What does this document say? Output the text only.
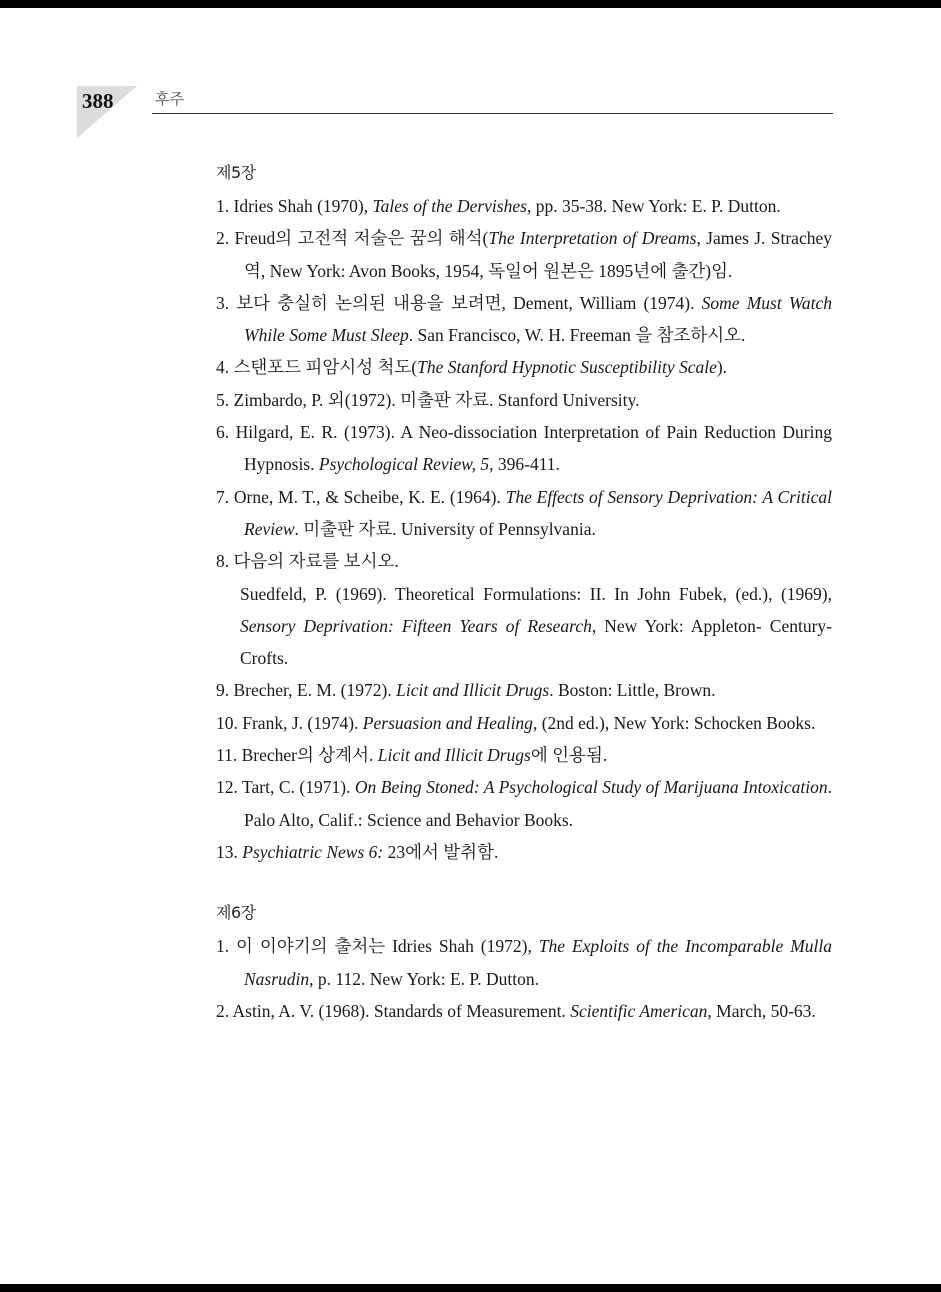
388	후주
제5장
1. Idries Shah (1970), Tales of the Dervishes, pp. 35-38. New York: E. P. Dutton.
2. Freud의 고전적 저술은 꿈의 해석(The Interpretation of Dreams, James J. Strachey 역, New York: Avon Books, 1954, 독일어 원본은 1895년에 출간)임.
3. 보다 충실히 논의된 내용을 보려면, Dement, William (1974). Some Must Watch While Some Must Sleep. San Francisco, W. H. Freeman 을 참조하시오.
4. 스탠포드 피암시성 척도(The Stanford Hypnotic Susceptibility Scale).
5. Zimbardo, P. 외(1972). 미출판 자료. Stanford University.
6. Hilgard, E. R. (1973). A Neo-dissociation Interpretation of Pain Reduction During Hypnosis. Psychological Review, 5, 396-411.
7. Orne, M. T., & Scheibe, K. E. (1964). The Effects of Sensory Deprivation: A Critical Review. 미출판 자료. University of Pennsylvania.
8. 다음의 자료를 보시오.
Suedfeld, P. (1969). Theoretical Formulations: II. In John Fubek, (ed.), (1969), Sensory Deprivation: Fifteen Years of Research, New York: Appleton- Century-Crofts.
9. Brecher, E. M. (1972). Licit and Illicit Drugs. Boston: Little, Brown.
10. Frank, J. (1974). Persuasion and Healing, (2nd ed.), New York: Schocken Books.
11. Brecher의 상계서. Licit and Illicit Drugs에 인용됨.
12. Tart, C. (1971). On Being Stoned: A Psychological Study of Marijuana Intoxication. Palo Alto, Calif.: Science and Behavior Books.
13. Psychiatric News 6: 23에서 발취함.
제6장
1. 이 이야기의 출처는 Idries Shah (1972), The Exploits of the Incomparable Mulla Nasrudin, p. 112. New York: E. P. Dutton.
2. Astin, A. V. (1968). Standards of Measurement. Scientific American, March, 50-63.
